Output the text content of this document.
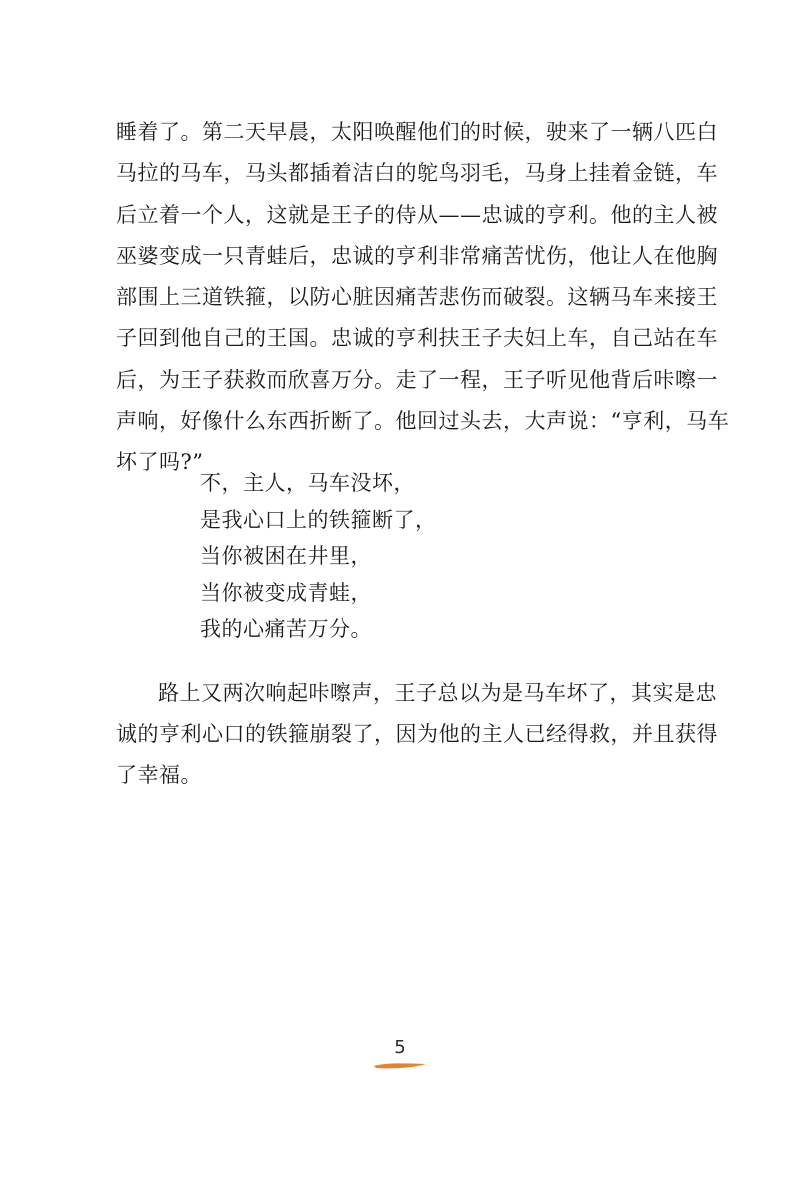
睡着了。第二天早晨，太阳唤醒他们的时候，驶来了一辆八匹白
马拉的马车，马头都插着洁白的鸵鸟羽毛，马身上挂着金链，车
后立着一个人，这就是王子的侍从——忠诚的亨利。他的主人被
巫婆变成一只青蛙后，忠诚的亨利非常痛苦忧伤，他让人在他胸
部围上三道铁箍，以防心脏因痛苦悲伤而破裂。这辆马车来接王
子回到他自己的王国。忠诚的亨利扶王子夫妇上车，自己站在车
后，为王子获救而欣喜万分。走了一程，王子听见他背后咔嚓一
声响，好像什么东西折断了。他回过头去，大声说：“亨利，马车
坏了吗?”

不，主人，马车没坏，
是我心口上的铁箍断了，
当你被困在井里，
当你被变成青蛙，
我的心痛苦万分。

路上又两次响起咔嚓声，王子总以为是马车坏了，其实是忠
诚的亨利心口的铁箍崩裂了，因为他的主人已经得救，并且获得
了幸福。

5
